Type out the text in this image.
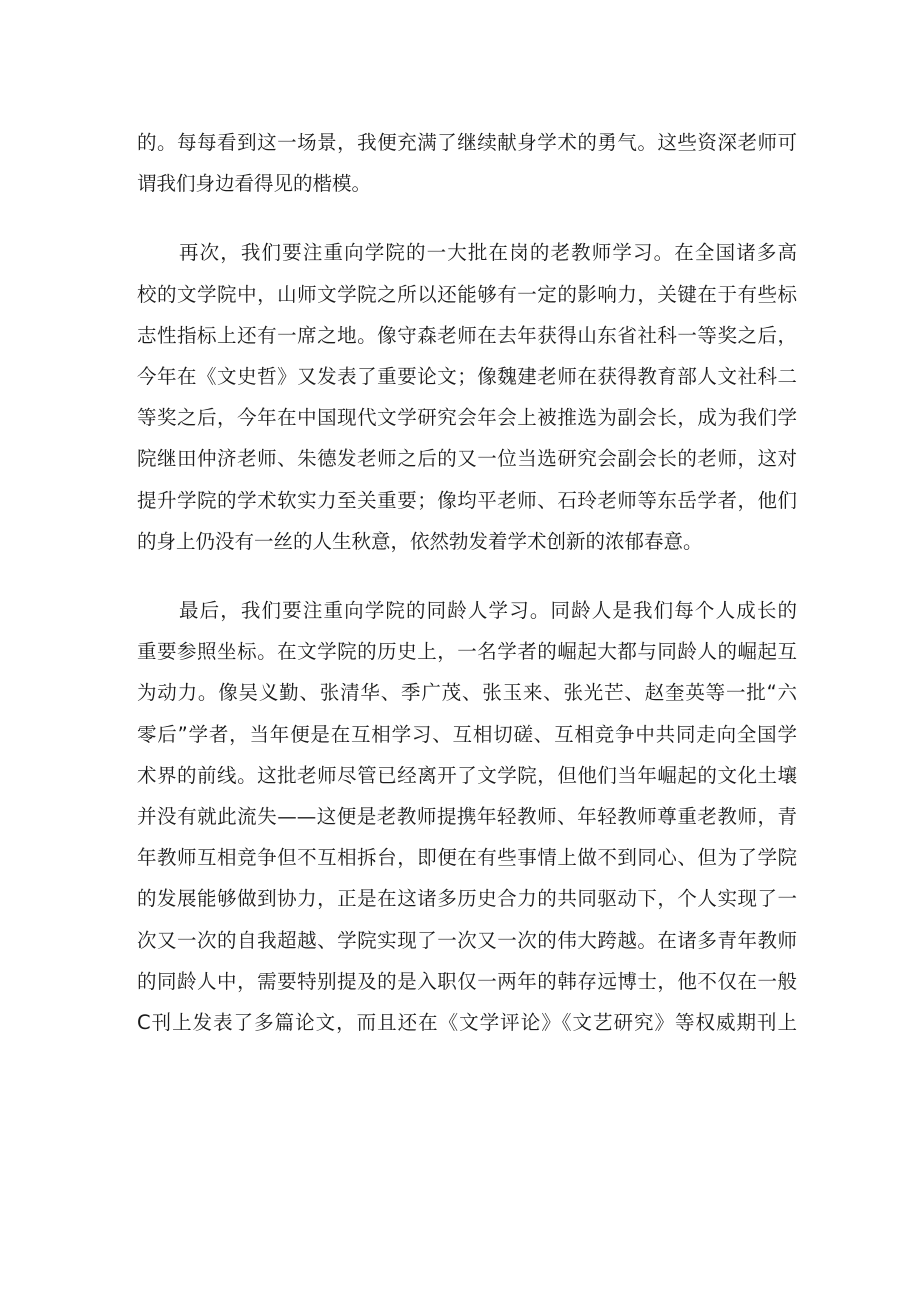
的。每每看到这一场景，我便充满了继续献身学术的勇气。这些资深老师可

谓我们身边看得见的楷模。

再次，我们要注重向学院的一大批在岗的老教师学习。在全国诸多高

校的文学院中，山师文学院之所以还能够有一定的影响力，关键在于有些标

志性指标上还有一席之地。像守森老师在去年获得山东省社科一等奖之后，

今年在《文史哲》又发表了重要论文；像魏建老师在获得教育部人文社科二

等奖之后，今年在中国现代文学研究会年会上被推选为副会长，成为我们学

院继田仲济老师、朱德发老师之后的又一位当选研究会副会长的老师，这对

提升学院的学术软实力至关重要；像均平老师、石玲老师等东岳学者，他们

的身上仍没有一丝的人生秋意，依然勃发着学术创新的浓郁春意。

最后，我们要注重向学院的同龄人学习。同龄人是我们每个人成长的

重要参照坐标。在文学院的历史上，一名学者的崛起大都与同龄人的崛起互

为动力。像吴义勤、张清华、季广茂、张玉来、张光芒、赵奎英等一批“六

零后”学者，当年便是在互相学习、互相切磋、互相竞争中共同走向全国学

术界的前线。这批老师尽管已经离开了文学院，但他们当年崛起的文化土壤

并没有就此流失——这便是老教师提携年轻教师、年轻教师尊重老教师，青

年教师互相竞争但不互相拆台，即便在有些事情上做不到同心、但为了学院

的发展能够做到协力，正是在这诸多历史合力的共同驱动下，个人实现了一

次又一次的自我超越、学院实现了一次又一次的伟大跨越。在诸多青年教师

的同龄人中，需要特别提及的是入职仅一两年的韩存远博士，他不仅在一般

C刊上发表了多篇论文，而且还在《文学评论》《文艺研究》等权威期刊上
